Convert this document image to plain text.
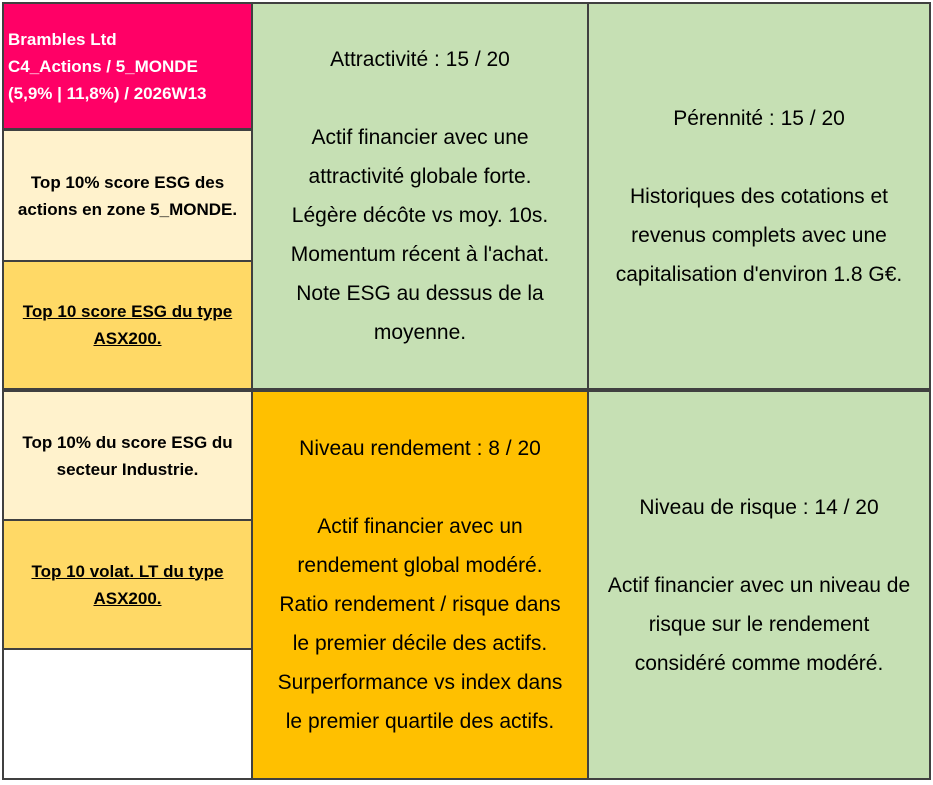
Brambles Ltd
C4_Actions / 5_MONDE
(5,9% | 11,8%) / 2026W13
Top 10% score ESG des
actions en zone 5_MONDE.
Top 10 score ESG du type
ASX200.
Top 10% du score ESG du
secteur Industrie.
Top 10 volat. LT du type
ASX200.
Attractivité : 15 / 20
Actif financier avec une
attractivité globale forte.
Légère décôte vs moy. 10s.
Momentum récent à l'achat.
Note ESG au dessus de la
moyenne.
Pérennité : 15 / 20
Historiques des cotations et
revenus complets avec une
capitalisation d'environ 1.8 G€.
Niveau rendement : 8 / 20
Actif financier avec un
rendement global modéré.
Ratio rendement / risque dans
le premier décile des actifs.
Surperformance vs index dans
le premier quartile des actifs.
Niveau de risque : 14 / 20
Actif financier avec un niveau de
risque sur le rendement
considéré comme modéré.
